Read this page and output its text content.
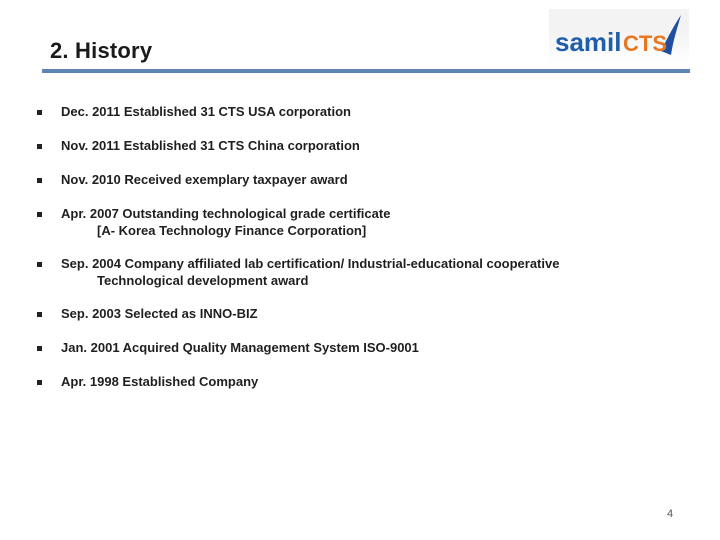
2. History	samil CTS
Dec. 2011 Established 31 CTS USA corporation
Nov. 2011 Established 31 CTS China corporation
Nov. 2010 Received exemplary taxpayer award
Apr. 2007 Outstanding technological grade certificate
[A- Korea Technology Finance Corporation]
Sep. 2004 Company affiliated lab certification/ Industrial-educational cooperative
Technological development award
Sep. 2003 Selected as INNO-BIZ
Jan. 2001 Acquired Quality Management System ISO-9001
Apr. 1998 Established Company
4
